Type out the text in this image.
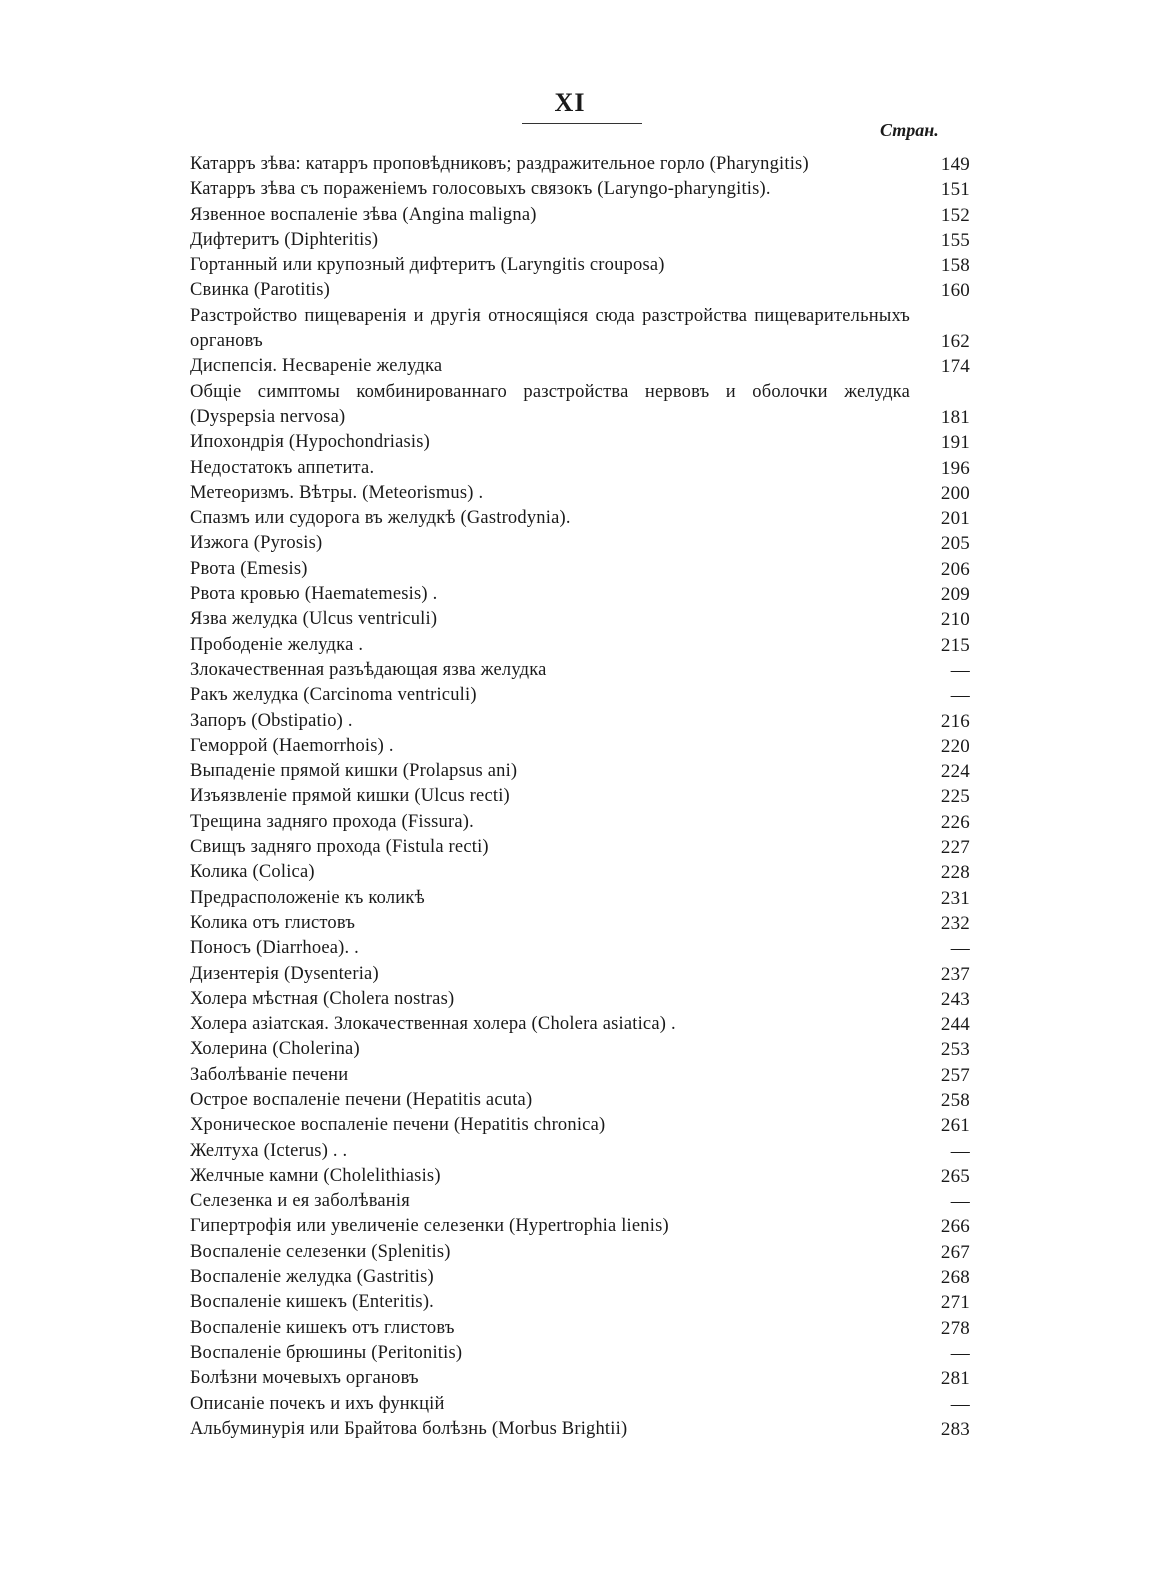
XI
Стран.
Катарръ зѣва: катарръ проповѣдниковъ; раздражительное горло (Pharyngitis)	149
Катарръ зѣва съ пораженіемъ голосовыхъ связокъ (Laryngo-pharyngitis).	151
Язвенное воспаленіе зѣва (Angina maligna)	152
Дифтеритъ (Diphteritis)	155
Гортанный или крупозный дифтеритъ (Laryngitis crouposa)	158
Свинка (Parotitis)	160
Разстройство пищеваренія и другія относящіяся сюда разстройства пищеварительныхъ органовъ	162
Диспепсія. Несвареніе желудка	174
Общіе симптомы комбинированнаго разстройства нервовъ и оболочки желудка (Dyspepsia nervosa)	181
Ипохондрія (Hypochondriasis)	191
Недостатокъ аппетита.	196
Метеоризмъ. Вѣтры. (Meteorismus) .	200
Спазмъ или судорога въ желудкѣ (Gastrodynia).	201
Изжога (Pyrosis)	205
Рвота (Emesis)	206
Рвота кровью (Haematemesis) .	209
Язва желудка (Ulcus ventriculi)	210
Прободеніе желудка .	215
Злокачественная разъѣдающая язва желудка	—
Ракъ желудка (Carcinoma ventriculi)	—
Запоръ (Obstipatio) .	216
Геморрой (Haemorrhois) .	220
Выпаденіе прямой кишки (Prolapsus ani)	224
Изъязвленіе прямой кишки (Ulcus recti)	225
Трещина задняго прохода (Fissura).	226
Свищъ задняго прохода (Fistula recti)	227
Колика (Colica)	228
Предрасположеніе къ коликѣ	231
Колика отъ глистовъ	232
Поносъ (Diarrhoea). .	—
Дизентерія (Dysenteria)	237
Холера мѣстная (Cholera nostras)	243
Холера азіатская. Злокачественная холера (Cholera asiatica) .	244
Холерина (Cholerina)	253
Заболѣваніе печени	257
Острое воспаленіе печени (Hepatitis acuta)	258
Хроническое воспаленіе печени (Hepatitis chronica)	261
Желтуха (Icterus) . .	—
Желчные камни (Cholelithiasis)	265
Селезенка и ея заболѣванія	—
Гипертрофія или увеличеніе селезенки (Hypertrophia lienis)	266
Воспаленіе селезенки (Splenitis)	267
Воспаленіе желудка (Gastritis)	268
Воспаленіе кишекъ (Enteritis).	271
Воспаленіе кишекъ отъ глистовъ	278
Воспаленіе брюшины (Peritonitis)	—
Болѣзни мочевыхъ органовъ	281
Описаніе почекъ и ихъ функцій	—
Альбуминурія или Брайтова болѣзнь (Morbus Brightii)	283
